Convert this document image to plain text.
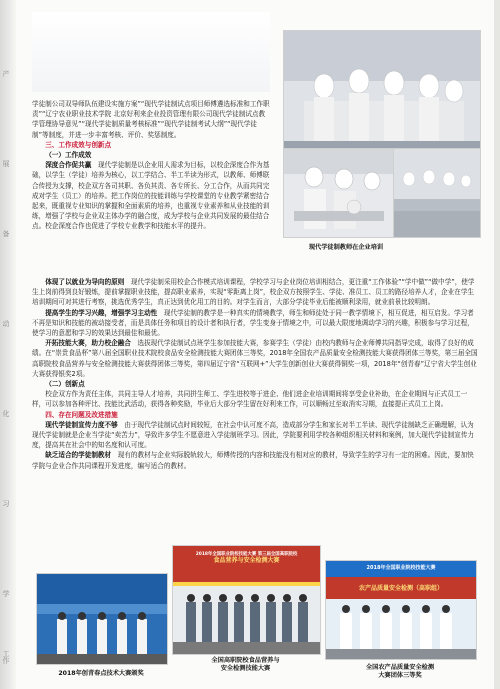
产
展
备
动
化
习
学
工作
现代学徒制教师在企业培训

学徒制公司双导师队伍建设实施方案”“现代学徒制试点项目师傅遴选标准和工作职责”“辽宁农业职业技术学院 北京好利来企业投资管理有限公司现代学徒制试点教学管理协导意见”“现代学徒制质量考核标准”“现代学徒制考试大纲”“现代学徒制”等制度，并进一步丰富考核、评价、奖惩制度。

三、工作成效与创新点
（一）工作成效

深度合作促共赢　 现代学徒制是以企业用人需求为目标，以校企深度合作为基础，以学生（学徒）培养为核心，以工学结合、半工半读为形式，以教师、师傅联合传授为支撑，校企双方各司其职、各负其责、各专所长、分工合作，从而共同完成对学生（员工）的培养。把工作岗位的技能训练与学校课堂的专业教学紧密结合起来，既重视专业知识的掌握和全面素质的培养，也重视专业素养和从业技能的训练，增强了学校与企业双主体办学的融合度，成为学校与企业共同发展的最佳结合点。校企深度合作也促进了学校专业教学和技能水平的提升。

体现了以就业为导向的原则　 现代学徒制采用校企合作模式培训课程，学校学习与企业岗位培训相结合，更注重“工作体验”“学中做”“做中学”，使学生上岗前得到良好锻炼，提前掌握职业技能，提高职业素养，实现“零距离上岗”，校企双方按照学生、学徒、准员工、员工的路径培养人才，企业在学生培训期间可对其进行考察，挑选优秀学生，真正达到优化用工的目的。对学生而言，大部分学徒毕业后能被顺利录用，就业前景比较明朗。

提高学生的学习兴趣，增强学习主动性　 现代学徒制的教学是一种真实的情境教学，师生和师徒处于同一教学情境下，相互促进，相互启发。学习者不再是知识和技能的被动接受者，而是具体任务和项目的设计者和执行者，学生变身于情境之中，可以最大限度地调动学习的兴趣，积极参与学习过程，使学习的意愿和学习的效果达到最佳和最优。

开拓技能大赛，助力校企融合　 选拔现代学徒制试点班学生参加技能大赛，参赛学生（学徒）由校内教师与企业师傅共同指导完成，取得了良好的成绩。在“崇贵食品杯”第八届全国职业技术院校食品安全检测技能大赛团体三等奖，2018年全国农产品质量安全检测技能大赛获得团体三等奖，第三届全国高职院校食品营养与安全检测技能大赛获得团体三等奖，第四届辽宁省“互联网+”大学生创新创业大赛获得铜奖一项，2018年“创青春”辽宁省大学生创业大赛获得银奖2项。

（二）创新点

校企双方作为责任主体，共同主导人才培养，共同拼生师工、学生进校等于进企、他们进企业培训期间将享受企业补助，在企业期间与正式员工一样，可以参加各种评比、技能比武活动，获得各种奖励，毕业后大部分学生留在好利来工作，可以顺畅过至取消实习期，直接提正式员工上岗。

四、存在问题及改进措施

现代学徒制宣传力度不够　 由于现代学徒制试点时间较短，在社会中认可度不高，造成部分学生和家长对半工半读、现代学徒制缺乏正确理解，认为现代学徒制就是企业当学徒“卖苦力”，导致许多学生不愿意进入学徒制班学习。因此，学院要利用学校各种组织相关材料和案例，加大现代学徒制宣传力度，提高其在社会中的知名度和认可度。

缺乏适合的学徒制教材　 现有的教材与企业实际脱轨较大，师傅传授的内容和技能没有相对应的教材，导致学生的学习有一定的困难。因此，要加快学院与企业合作共同课程开发进度，编写适合的教材。

2018年创青春点技术大赛颁奖
2018年全国职业院校技能大赛 第三届全国高职院校
食品营养与安全检测大赛
全国高职院校食品营养与
安全检测技能大赛
2018年全国职业院校技能大赛
农产品质量安全检测（高职组）
全国农产品质量安全检测
大赛团体三等奖
